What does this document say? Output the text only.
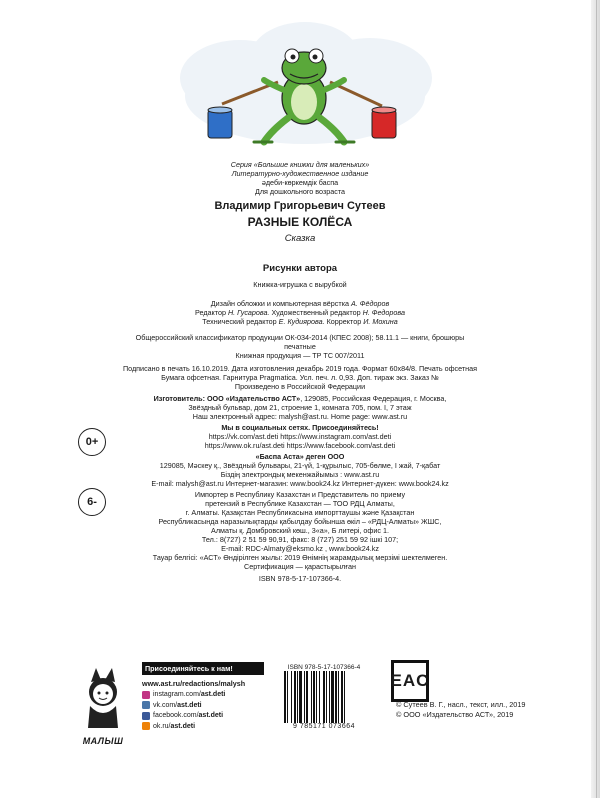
Серия «Большие книжки для маленьких»
Литературно-художественное издание
әдеби-көркемдік баспа
Для дошкольного возраста
Владимир Григорьевич Сутеев
РАЗНЫЕ КОЛЁСА
Сказка
Рисунки автора
Книжка-игрушка с вырубкой
Дизайн обложки и компьютерная вёрстка А. Фёдоров
Редактор Н. Гусарова. Художественный редактор Н. Федорова
Технический редактор Е. Кудиярова. Корректор И. Мохина
Общероссийский классификатор продукции ОК-034-2014 (КПЕС 2008); 58.11.1 — книги, брошюры
печатные
Книжная продукция — ТР ТС 007/2011
Подписано в печать 16.10.2019. Дата изготовления декабрь 2019 года. Формат 60x84/8. Печать офсетная
Бумага офсетная. Гарнитура Pragmatica. Усл. печ. л. 0,93. Доп. тираж экз. Заказ №
Произведено в Российской Федерации
Изготовитель: ООО «Издательство АСТ», 129085, Российская Федерация, г. Москва,
Звёздный бульвар, дом 21, строение 1, комната 705, пом. I, 7 этаж
Наш электронный адрес: malysh@ast.ru. Home page: www.ast.ru
Мы в социальных сетях. Присоединяйтесь!
https://vk.com/ast.deti https://www.instagram.com/ast.deti
https://www.ok.ru/ast.deti https://www.facebook.com/ast.deti
0+
«Баспа Аста» деген ООО
129085, Мәскеу қ., Звёздный бульвары, 21-үй, 1-құрылыс, 705-бөлме, I жай, 7-қабат
Біздің электрондық мекенжайымыз : www.ast.ru
E-mail: malysh@ast.ru Интернет-магазин: www.book24.kz Интернет-дүкен: www.book24.kz
6-
Импортер в Республику Казахстан и Представитель по приему
претензий в Республике Казахстан — ТОО РДЦ Алматы,
г. Алматы. Қазақстан Республикасына импорттаушы және Қазақстан
Республикасында наразылықтарды қабылдау бойынша өкіл – «РДЦ-Алматы» ЖШС,
Алматы қ. Домбровский көш., 3«а», Б литері, офис 1.
Тел.: 8(727) 2 51 59 90,91, факс: 8 (727) 251 59 92 ішкі 107;
E-mail: RDC-Almaty@eksmo.kz , www.book24.kz
Тауар белгісі: «АСТ» Өндірілген жылы: 2019 Өнімнің жарамдылық мерзімі шектелмеген.
Сертификация — қарастырылған
ISBN 978-5-17-107366-4.
МАЛЫШ
Присоединяйтесь к нам!
www.ast.ru/redactions/malysh
instagram.com/ ast.deti
vk.com/ ast.deti
facebook.com/ ast.deti
ok.ru/ ast.deti
ISBN 978-5-17-107366-4
9 785171 073664
EAC
© Сутеев В. Г., насл., текст, илл., 2019
© ООО «Издательство АСТ», 2019
